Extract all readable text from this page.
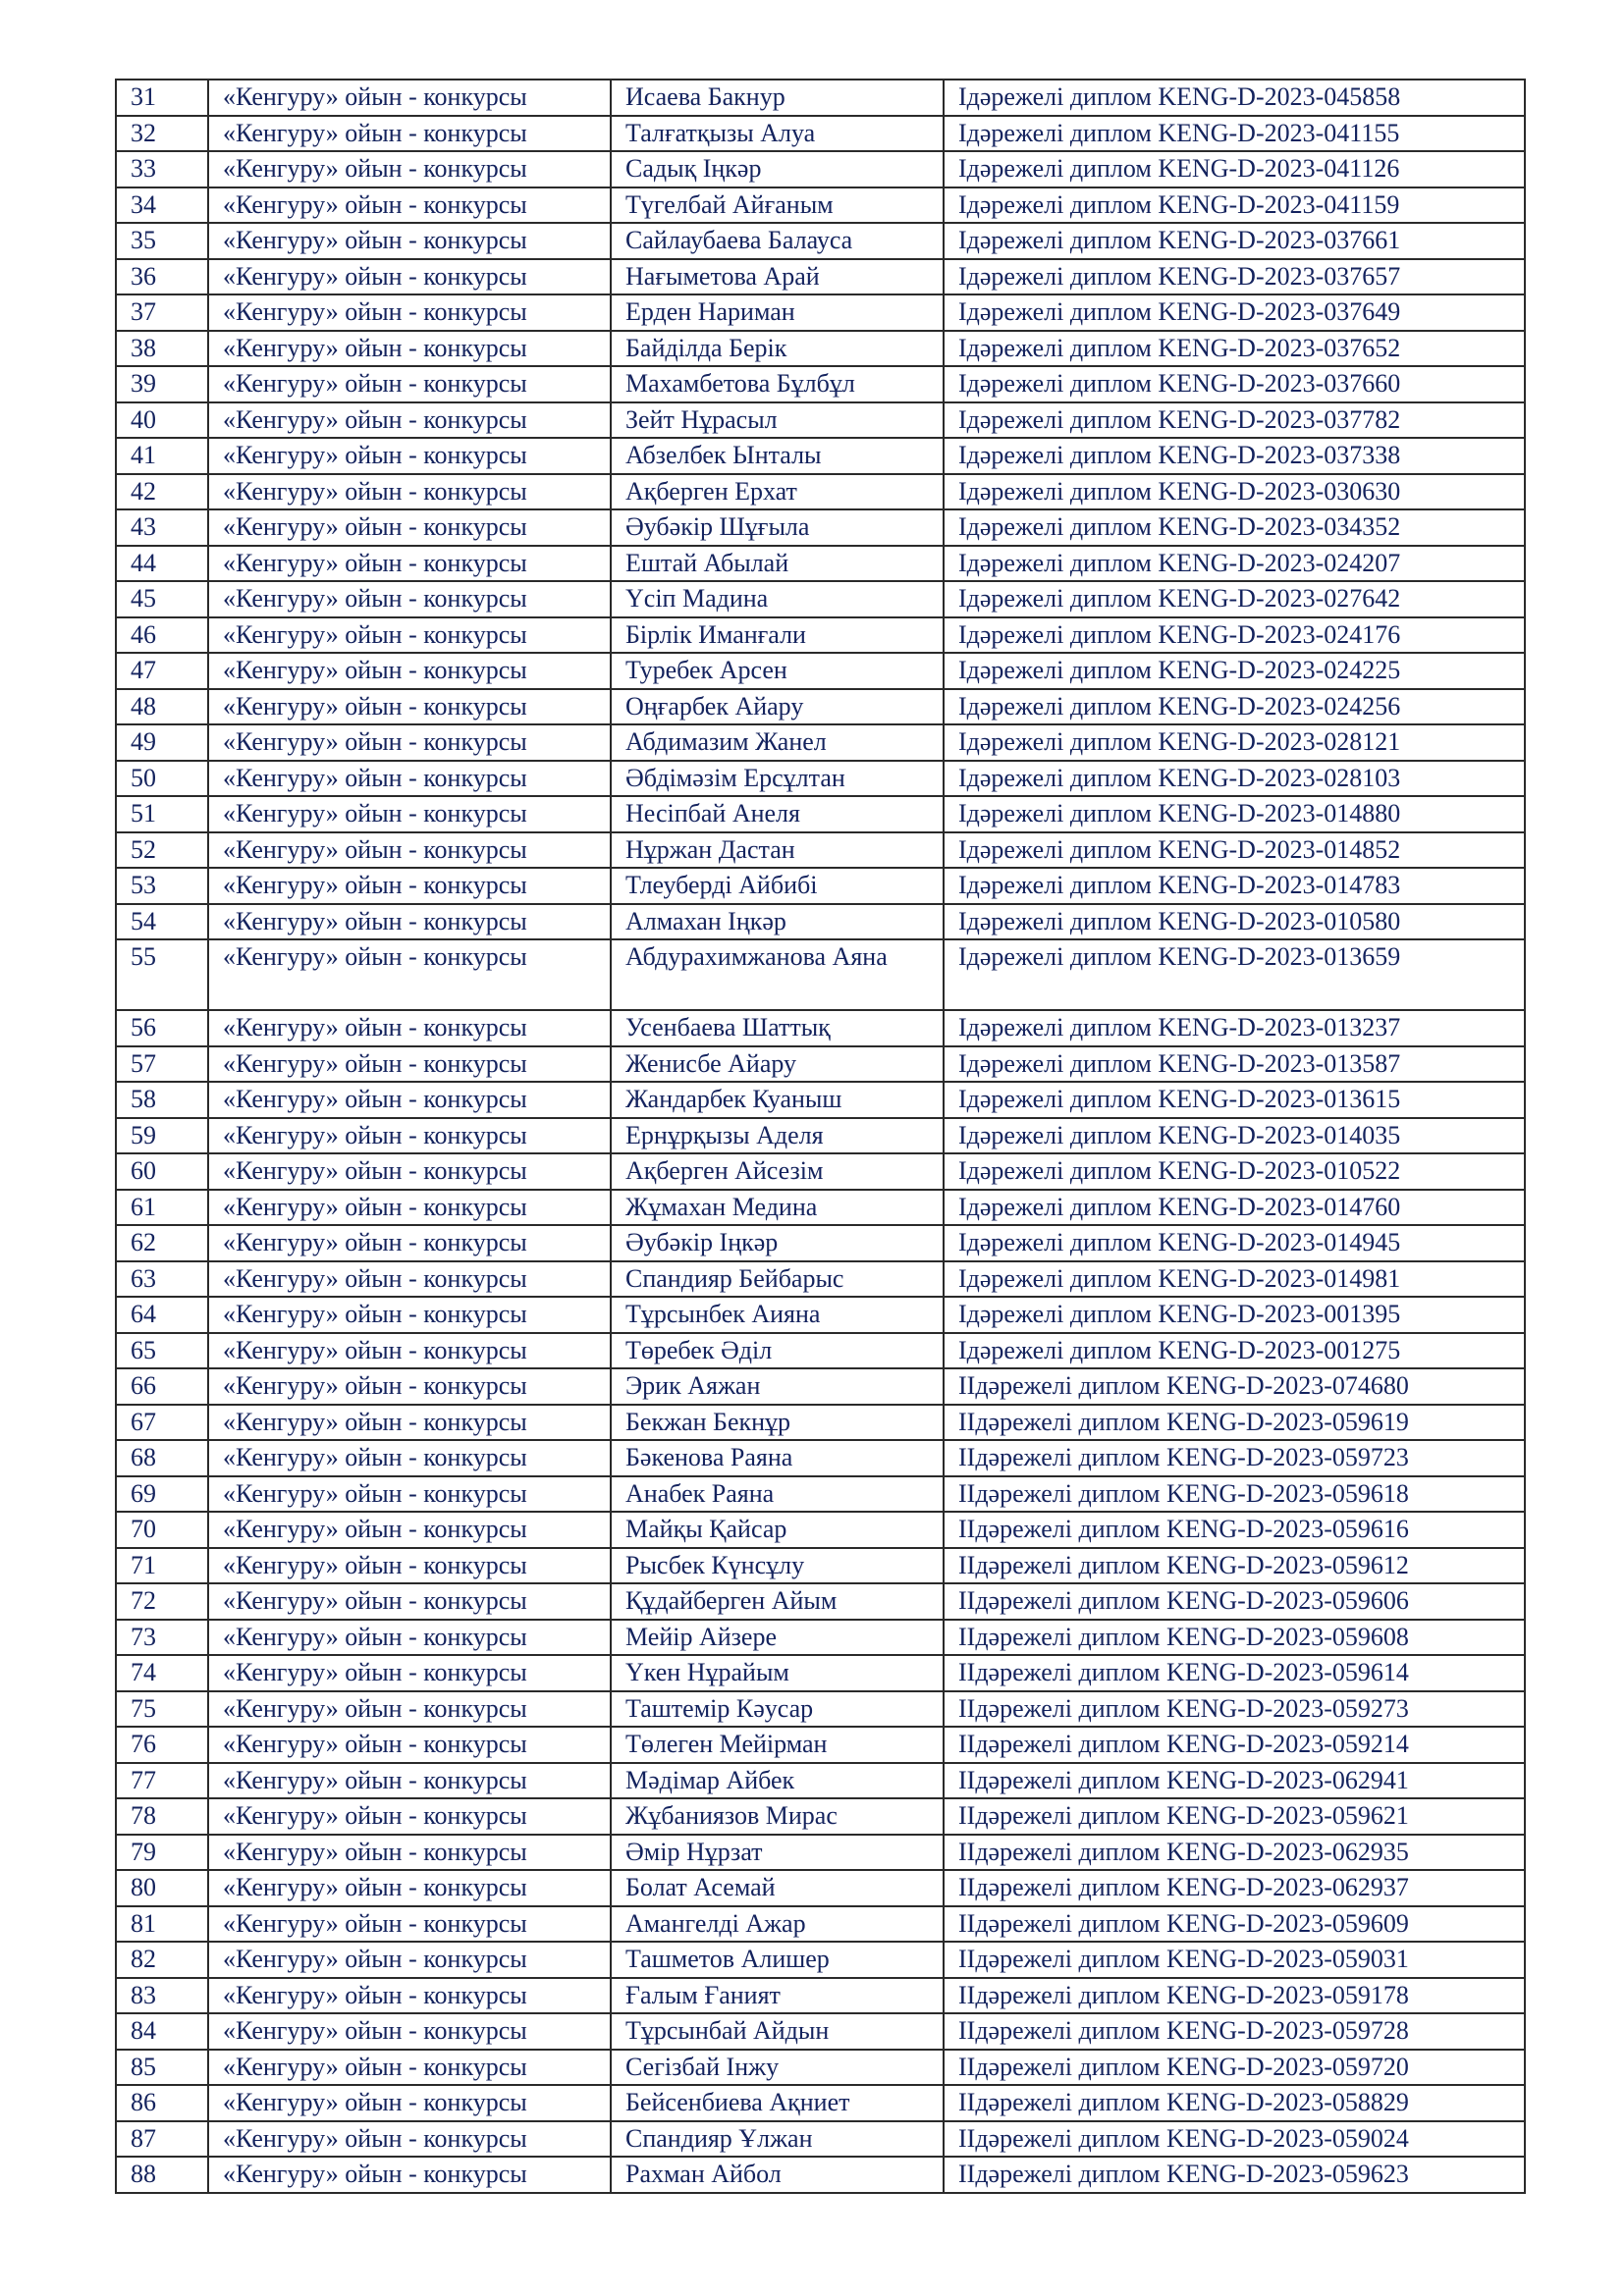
31	«Кенгуру» ойын - конкурсы	Исаева Бакнур	Ідәрежелі диплом KENG-D-2023-045858
32	«Кенгуру» ойын - конкурсы	Талғатқызы Алуа	Ідәрежелі диплом KENG-D-2023-041155
33	«Кенгуру» ойын - конкурсы	Садық Іңкәр	Ідәрежелі диплом KENG-D-2023-041126
34	«Кенгуру» ойын - конкурсы	Түгелбай Айғаным	Ідәрежелі диплом KENG-D-2023-041159
35	«Кенгуру» ойын - конкурсы	Сайлаубаева Балауса	Ідәрежелі диплом KENG-D-2023-037661
36	«Кенгуру» ойын - конкурсы	Нағыметова Арай	Ідәрежелі диплом KENG-D-2023-037657
37	«Кенгуру» ойын - конкурсы	Ерден Нариман	Ідәрежелі диплом KENG-D-2023-037649
38	«Кенгуру» ойын - конкурсы	Байділда Берік	Ідәрежелі диплом KENG-D-2023-037652
39	«Кенгуру» ойын - конкурсы	Махамбетова Бұлбұл	Ідәрежелі диплом KENG-D-2023-037660
40	«Кенгуру» ойын - конкурсы	Зейт Нұрасыл	Ідәрежелі диплом KENG-D-2023-037782
41	«Кенгуру» ойын - конкурсы	Абзелбек Ынталы	Ідәрежелі диплом KENG-D-2023-037338
42	«Кенгуру» ойын - конкурсы	Ақберген Ерхат	Ідәрежелі диплом KENG-D-2023-030630
43	«Кенгуру» ойын - конкурсы	Әубәкір Шұғыла	Ідәрежелі диплом KENG-D-2023-034352
44	«Кенгуру» ойын - конкурсы	Ештай Абылай	Ідәрежелі диплом KENG-D-2023-024207
45	«Кенгуру» ойын - конкурсы	Үсіп Мадина	Ідәрежелі диплом KENG-D-2023-027642
46	«Кенгуру» ойын - конкурсы	Бірлік Иманғали	Ідәрежелі диплом KENG-D-2023-024176
47	«Кенгуру» ойын - конкурсы	Туребек Арсен	Ідәрежелі диплом KENG-D-2023-024225
48	«Кенгуру» ойын - конкурсы	Оңғарбек Айару	Ідәрежелі диплом KENG-D-2023-024256
49	«Кенгуру» ойын - конкурсы	Абдимазим Жанел	Ідәрежелі диплом KENG-D-2023-028121
50	«Кенгуру» ойын - конкурсы	Әбдімәзім Ерсұлтан	Ідәрежелі диплом KENG-D-2023-028103
51	«Кенгуру» ойын - конкурсы	Несіпбай Анеля	Ідәрежелі диплом KENG-D-2023-014880
52	«Кенгуру» ойын - конкурсы	Нұржан Дастан	Ідәрежелі диплом KENG-D-2023-014852
53	«Кенгуру» ойын - конкурсы	Тлеуберді Айбибі	Ідәрежелі диплом KENG-D-2023-014783
54	«Кенгуру» ойын - конкурсы	Алмахан Іңкәр	Ідәрежелі диплом KENG-D-2023-010580
55	«Кенгуру» ойын - конкурсы	Абдурахимжанова Аяна	Ідәрежелі диплом KENG-D-2023-013659
56	«Кенгуру» ойын - конкурсы	Усенбаева Шаттық	Ідәрежелі диплом KENG-D-2023-013237
57	«Кенгуру» ойын - конкурсы	Женисбе Айару	Ідәрежелі диплом KENG-D-2023-013587
58	«Кенгуру» ойын - конкурсы	Жандарбек Куаныш	Ідәрежелі диплом KENG-D-2023-013615
59	«Кенгуру» ойын - конкурсы	Ернұрқызы Аделя	Ідәрежелі диплом KENG-D-2023-014035
60	«Кенгуру» ойын - конкурсы	Ақберген Айсезім	Ідәрежелі диплом KENG-D-2023-010522
61	«Кенгуру» ойын - конкурсы	Жұмахан Медина	Ідәрежелі диплом KENG-D-2023-014760
62	«Кенгуру» ойын - конкурсы	Әубәкір Іңкәр	Ідәрежелі диплом KENG-D-2023-014945
63	«Кенгуру» ойын - конкурсы	Спандияр Бейбарыс	Ідәрежелі диплом KENG-D-2023-014981
64	«Кенгуру» ойын - конкурсы	Тұрсынбек Аияна	Ідәрежелі диплом KENG-D-2023-001395
65	«Кенгуру» ойын - конкурсы	Төребек Әділ	Ідәрежелі диплом KENG-D-2023-001275
66	«Кенгуру» ойын - конкурсы	Эрик Аяжан	ІІдәрежелі диплом KENG-D-2023-074680
67	«Кенгуру» ойын - конкурсы	Бекжан Бекнұр	ІІдәрежелі диплом KENG-D-2023-059619
68	«Кенгуру» ойын - конкурсы	Бәкенова Раяна	ІІдәрежелі диплом KENG-D-2023-059723
69	«Кенгуру» ойын - конкурсы	Анабек Раяна	ІІдәрежелі диплом KENG-D-2023-059618
70	«Кенгуру» ойын - конкурсы	Майқы Қайсар	ІІдәрежелі диплом KENG-D-2023-059616
71	«Кенгуру» ойын - конкурсы	Рысбек Күнсұлу	ІІдәрежелі диплом KENG-D-2023-059612
72	«Кенгуру» ойын - конкурсы	Құдайберген Айым	ІІдәрежелі диплом KENG-D-2023-059606
73	«Кенгуру» ойын - конкурсы	Мейір Айзере	ІІдәрежелі диплом KENG-D-2023-059608
74	«Кенгуру» ойын - конкурсы	Үкен Нұрайым	ІІдәрежелі диплом KENG-D-2023-059614
75	«Кенгуру» ойын - конкурсы	Таштемір Кәусар	ІІдәрежелі диплом KENG-D-2023-059273
76	«Кенгуру» ойын - конкурсы	Төлеген Мейірман	ІІдәрежелі диплом KENG-D-2023-059214
77	«Кенгуру» ойын - конкурсы	Мәдімар Айбек	ІІдәрежелі диплом KENG-D-2023-062941
78	«Кенгуру» ойын - конкурсы	Жұбаниязов Мирас	ІІдәрежелі диплом KENG-D-2023-059621
79	«Кенгуру» ойын - конкурсы	Әмір Нұрзат	ІІдәрежелі диплом KENG-D-2023-062935
80	«Кенгуру» ойын - конкурсы	Болат Асемай	ІІдәрежелі диплом KENG-D-2023-062937
81	«Кенгуру» ойын - конкурсы	Амангелді Ажар	ІІдәрежелі диплом KENG-D-2023-059609
82	«Кенгуру» ойын - конкурсы	Ташметов Алишер	ІІдәрежелі диплом KENG-D-2023-059031
83	«Кенгуру» ойын - конкурсы	Ғалым Ғаният	ІІдәрежелі диплом KENG-D-2023-059178
84	«Кенгуру» ойын - конкурсы	Тұрсынбай Айдын	ІІдәрежелі диплом KENG-D-2023-059728
85	«Кенгуру» ойын - конкурсы	Сегізбай Інжу	ІІдәрежелі диплом KENG-D-2023-059720
86	«Кенгуру» ойын - конкурсы	Бейсенбиева Ақниет	ІІдәрежелі диплом KENG-D-2023-058829
87	«Кенгуру» ойын - конкурсы	Спандияр Ұлжан	ІІдәрежелі диплом KENG-D-2023-059024
88	«Кенгуру» ойын - конкурсы	Рахман Айбол	ІІдәрежелі диплом KENG-D-2023-059623
